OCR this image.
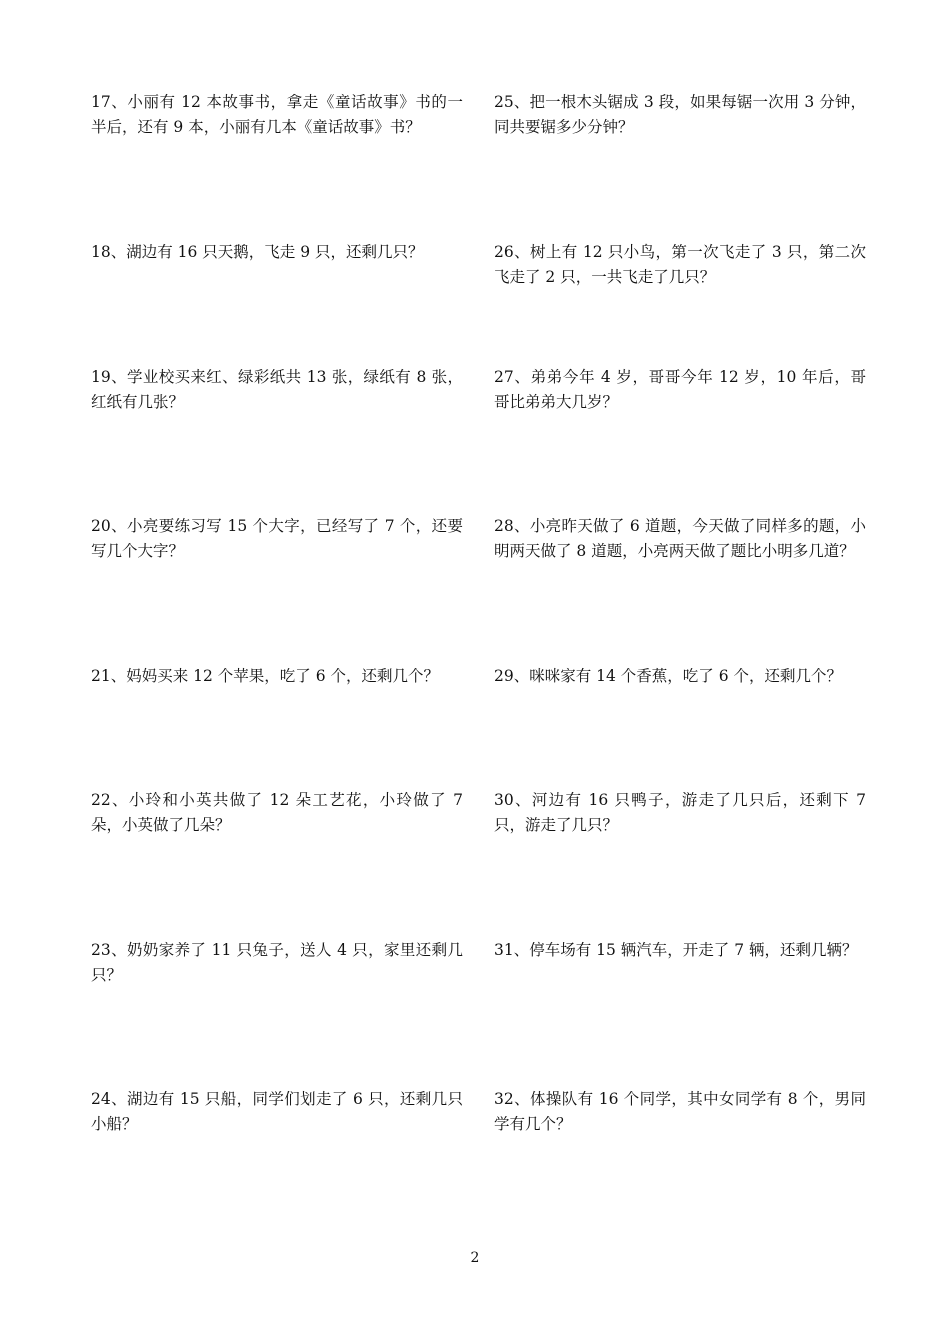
17、小丽有 12 本故事书，拿走《童话故事》书的一半后，还有 9 本，小丽有几本《童话故事》书？

18、湖边有 16 只天鹅，飞走 9 只，还剩几只？

19、学业校买来红、绿彩纸共 13 张，绿纸有 8 张，红纸有几张？

20、小亮要练习写 15 个大字，已经写了 7 个，还要写几个大字？

21、妈妈买来 12 个苹果，吃了 6 个，还剩几个？

22、小玲和小英共做了 12 朵工艺花，小玲做了 7 朵，小英做了几朵？

23、奶奶家养了 11 只兔子，送人 4 只，家里还剩几只？

24、湖边有 15 只船，同学们划走了 6 只，还剩几只小船？

25、把一根木头锯成 3 段，如果每锯一次用 3 分钟，同共要锯多少分钟？

26、树上有 12 只小鸟，第一次飞走了 3 只，第二次飞走了 2 只，一共飞走了几只？

27、弟弟今年 4 岁，哥哥今年 12 岁，10 年后，哥哥比弟弟大几岁？

28、小亮昨天做了 6 道题，今天做了同样多的题，小明两天做了 8 道题，小亮两天做了题比小明多几道？

29、咪咪家有 14 个香蕉，吃了 6 个，还剩几个？

30、河边有 16 只鸭子，游走了几只后，还剩下 7 只，游走了几只？

31、停车场有 15 辆汽车，开走了 7 辆，还剩几辆？

32、体操队有 16 个同学，其中女同学有 8 个，男同学有几个？

2
